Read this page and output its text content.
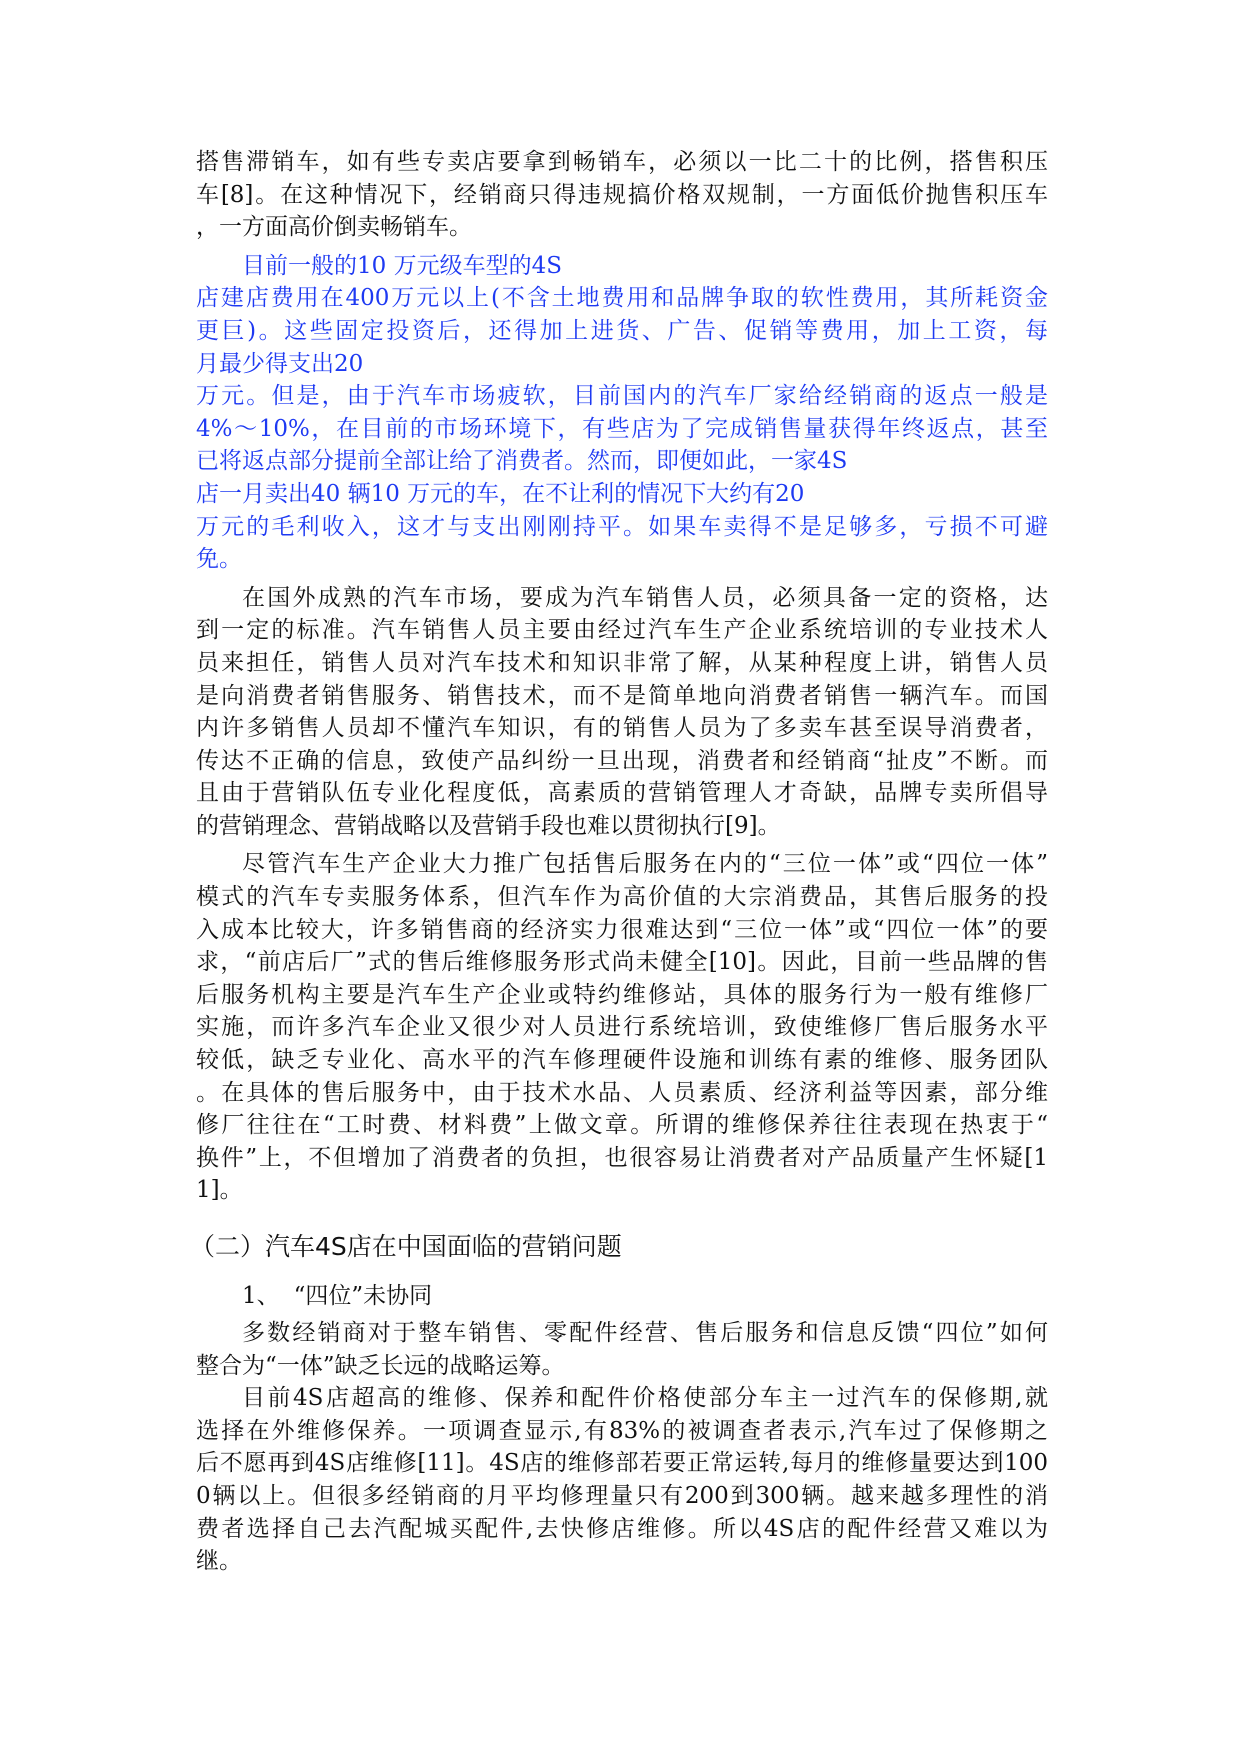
搭售滞销车，如有些专卖店要拿到畅销车，必须以一比二十的比例，搭售积压
车[8]。在这种情况下，经销商只得违规搞价格双规制，一方面低价抛售积压车
，一方面高价倒卖畅销车。
目前一般的10 万元级车型的4S
店建店费用在400万元以上(不含土地费用和品牌争取的软性费用，其所耗资金
更巨)。这些固定投资后，还得加上进货、广告、促销等费用，加上工资，每
月最少得支出20
万元。但是，由于汽车市场疲软，目前国内的汽车厂家给经销商的返点一般是
4%～10%，在目前的市场环境下，有些店为了完成销售量获得年终返点，甚至
已将返点部分提前全部让给了消费者。然而，即便如此，一家4S
店一月卖出40 辆10 万元的车，在不让利的情况下大约有20
万元的毛利收入，这才与支出刚刚持平。如果车卖得不是足够多，亏损不可避
免。
在国外成熟的汽车市场，要成为汽车销售人员，必须具备一定的资格，达
到一定的标准。汽车销售人员主要由经过汽车生产企业系统培训的专业技术人
员来担任，销售人员对汽车技术和知识非常了解，从某种程度上讲，销售人员
是向消费者销售服务、销售技术，而不是简单地向消费者销售一辆汽车。而国
内许多销售人员却不懂汽车知识，有的销售人员为了多卖车甚至误导消费者，
传达不正确的信息，致使产品纠纷一旦出现，消费者和经销商“扯皮”不断。而
且由于营销队伍专业化程度低，高素质的营销管理人才奇缺，品牌专卖所倡导
的营销理念、营销战略以及营销手段也难以贯彻执行[9]。
尽管汽车生产企业大力推广包括售后服务在内的“三位一体”或“四位一体”
模式的汽车专卖服务体系，但汽车作为高价值的大宗消费品，其售后服务的投
入成本比较大，许多销售商的经济实力很难达到“三位一体”或“四位一体”的要
求，“前店后厂”式的售后维修服务形式尚未健全[10]。因此，目前一些品牌的售
后服务机构主要是汽车生产企业或特约维修站，具体的服务行为一般有维修厂
实施，而许多汽车企业又很少对人员进行系统培训，致使维修厂售后服务水平
较低，缺乏专业化、高水平的汽车修理硬件设施和训练有素的维修、服务团队
。在具体的售后服务中，由于技术水品、人员素质、经济利益等因素，部分维
修厂往往在“工时费、材料费”上做文章。所谓的维修保养往往表现在热衷于“
换件”上，不但增加了消费者的负担，也很容易让消费者对产品质量产生怀疑[1
1]。
（二）汽车4S店在中国面临的营销问题
1、 “四位”未协同
多数经销商对于整车销售、零配件经营、售后服务和信息反馈“四位”如何
整合为“一体”缺乏长远的战略运筹。
目前4S店超高的维修、保养和配件价格使部分车主一过汽车的保修期,就
选择在外维修保养。一项调查显示,有83%的被调查者表示,汽车过了保修期之
后不愿再到4S店维修[11]。4S店的维修部若要正常运转,每月的维修量要达到100
0辆以上。但很多经销商的月平均修理量只有200到300辆。越来越多理性的消
费者选择自己去汽配城买配件,去快修店维修。所以4S店的配件经营又难以为
继。
